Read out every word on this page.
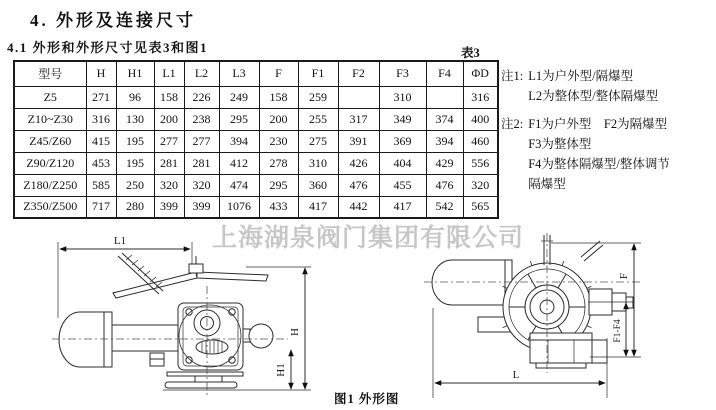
4. 外形及连接尺寸
4.1 外形和外形尺寸见表3和图1	表3
型号	H	H1	L1	L2	L3	F	F1	F2	F3	F4	ΦD
Z5	271	96	158	226	249	158	259		310		316
Z10~Z30	316	130	200	238	295	200	255	317	349	374	400
Z45/Z60	415	195	277	277	394	230	275	391	369	394	460
Z90/Z120	453	195	281	281	412	278	310	426	404	429	556
Z180/Z250	585	250	320	320	474	295	360	476	455	476	320
Z350/Z500	717	280	399	399	1076	433	417	442	417	542	565
注1: L1为户外型/隔爆型
L2为整体型/整体隔爆型
注2: F1为户外型　F2为隔爆型
F3为整体型
F4为整体隔爆型/整体调节
隔爆型
上海湖泉阀门集团有限公司
L1
H
H1
F
F1-F4
L
图1 外形图
